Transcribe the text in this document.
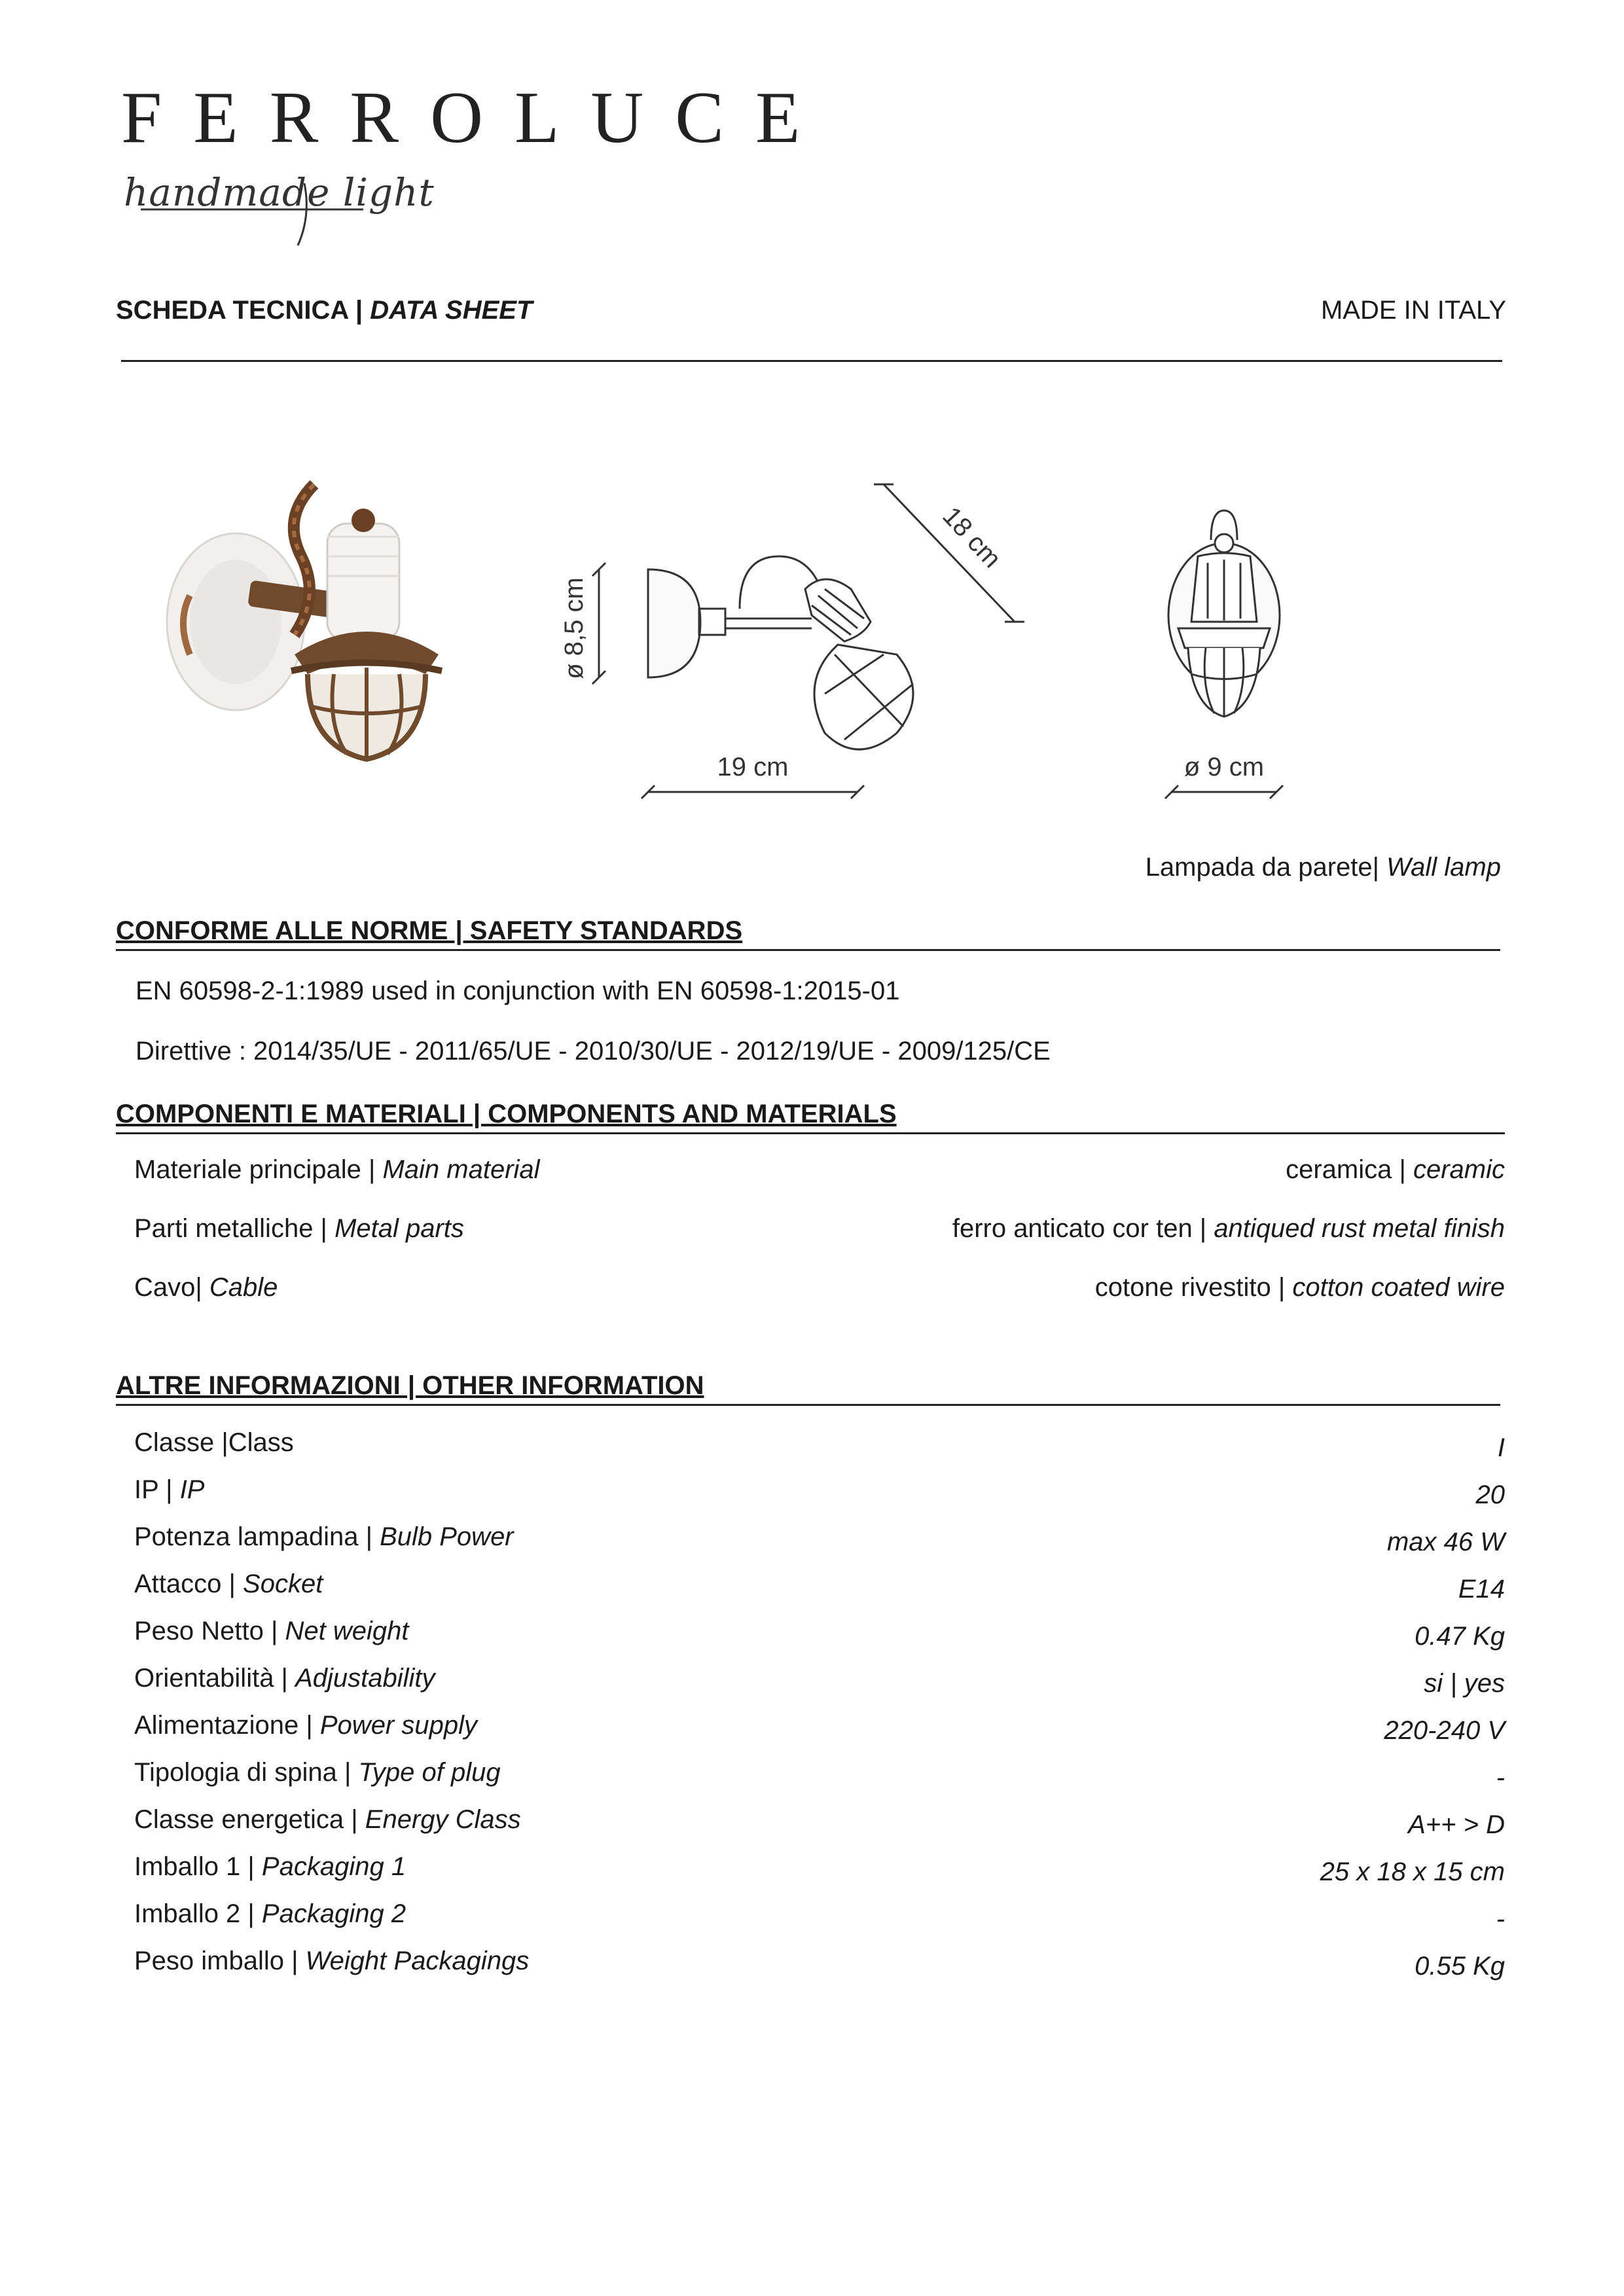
FERROLUCE
handmade light
SCHEDA TECNICA | DATA SHEET	MADE IN ITALY
ø 8,5 cm
19 cm
18 cm
ø 9 cm
Lampada da parete| Wall lamp
CONFORME ALLE NORME | SAFETY STANDARDS
EN 60598-2-1:1989 used in conjunction with EN 60598-1:2015-01
Direttive : 2014/35/UE - 2011/65/UE - 2010/30/UE - 2012/19/UE - 2009/125/CE
COMPONENTI E MATERIALI | COMPONENTS AND MATERIALS
Materiale principale | Main material	ceramica | ceramic
Parti metalliche | Metal parts	ferro anticato cor ten | antiqued rust metal finish
Cavo| Cable	cotone rivestito | cotton coated wire
ALTRE INFORMAZIONI | OTHER INFORMATION
Classe |Class	I
IP | IP	20
Potenza lampadina | Bulb Power	max 46 W
Attacco | Socket	E14
Peso Netto | Net weight	0.47 Kg
Orientabilità | Adjustability	si | yes
Alimentazione | Power supply	220-240 V
Tipologia di spina | Type of plug	-
Classe energetica | Energy Class	A++ > D
Imballo 1 | Packaging 1	25 x 18 x 15 cm
Imballo 2 | Packaging 2	-
Peso imballo | Weight Packagings	0.55 Kg
